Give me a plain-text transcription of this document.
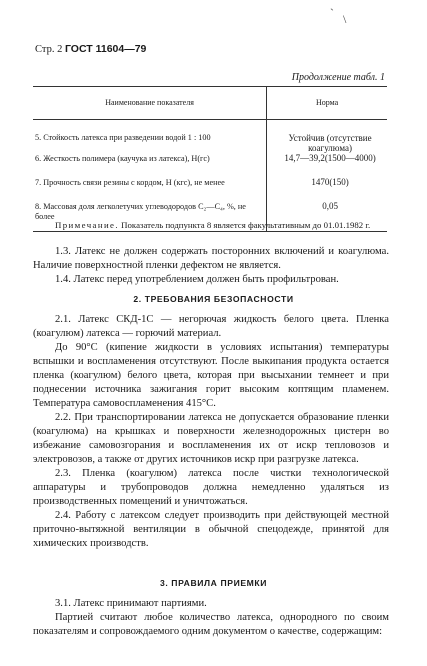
` \
Стр. 2 ГОСТ 11604—79
Продолжение табл. 1
Наименование показателя	Норма
5. Стойкость латекса при разведении водой 1 : 100	Устойчив (отсутствие коагулюма)
6. Жесткость полимера (каучука из латекса), Н(гс)	14,7—39,2(1500—4000)
7. Прочность связи резины с кордом, Н (кгс), не менее	1470(150)
8. Массовая доля легколетучих углеводородов С₂—С₄, %, не более	0,05
Примечание. Показатель подпункта 8 является факультативным до 01.01.1982 г.

1.3. Латекс не должен содержать посторонних включений и коагулюма. Наличие поверхностной пленки дефектом не является.

1.4. Латекс перед употреблением должен быть профильтрован.

2. ТРЕБОВАНИЯ БЕЗОПАСНОСТИ

2.1. Латекс СКД-1С — негорючая жидкость белого цвета. Пленка (коагулюм) латекса — горючий материал.

До 90°С (кипение жидкости в условиях испытания) температуры вспышки и воспламенения отсутствуют. После выкипания продукта остается пленка (коагулюм) белого цвета, которая при высыхании темнеет и при поднесении источника зажигания горит высоким коптящим пламенем. Температура самовоспламенения 415°С.

2.2. При транспортировании латекса не допускается образование пленки (коагулюма) на крышках и поверхности железнодорожных цистерн во избежание самовозгорания и воспламенения их от искр тепловозов и электровозов, а также от других источников искр при разгрузке латекса.

2.3. Пленка (коагулюм) латекса после чистки технологической аппаратуры и трубопроводов должна немедленно удаляться из производственных помещений и уничтожаться.

2.4. Работу с латексом следует производить при действующей местной приточно-вытяжной вентиляции в обычной спецодежде, принятой для химических производств.

3. ПРАВИЛА ПРИЕМКИ

3.1. Латекс принимают партиями.

Партией считают любое количество латекса, однородного по своим показателям и сопровождаемого одним документом о качестве, содержащим:
